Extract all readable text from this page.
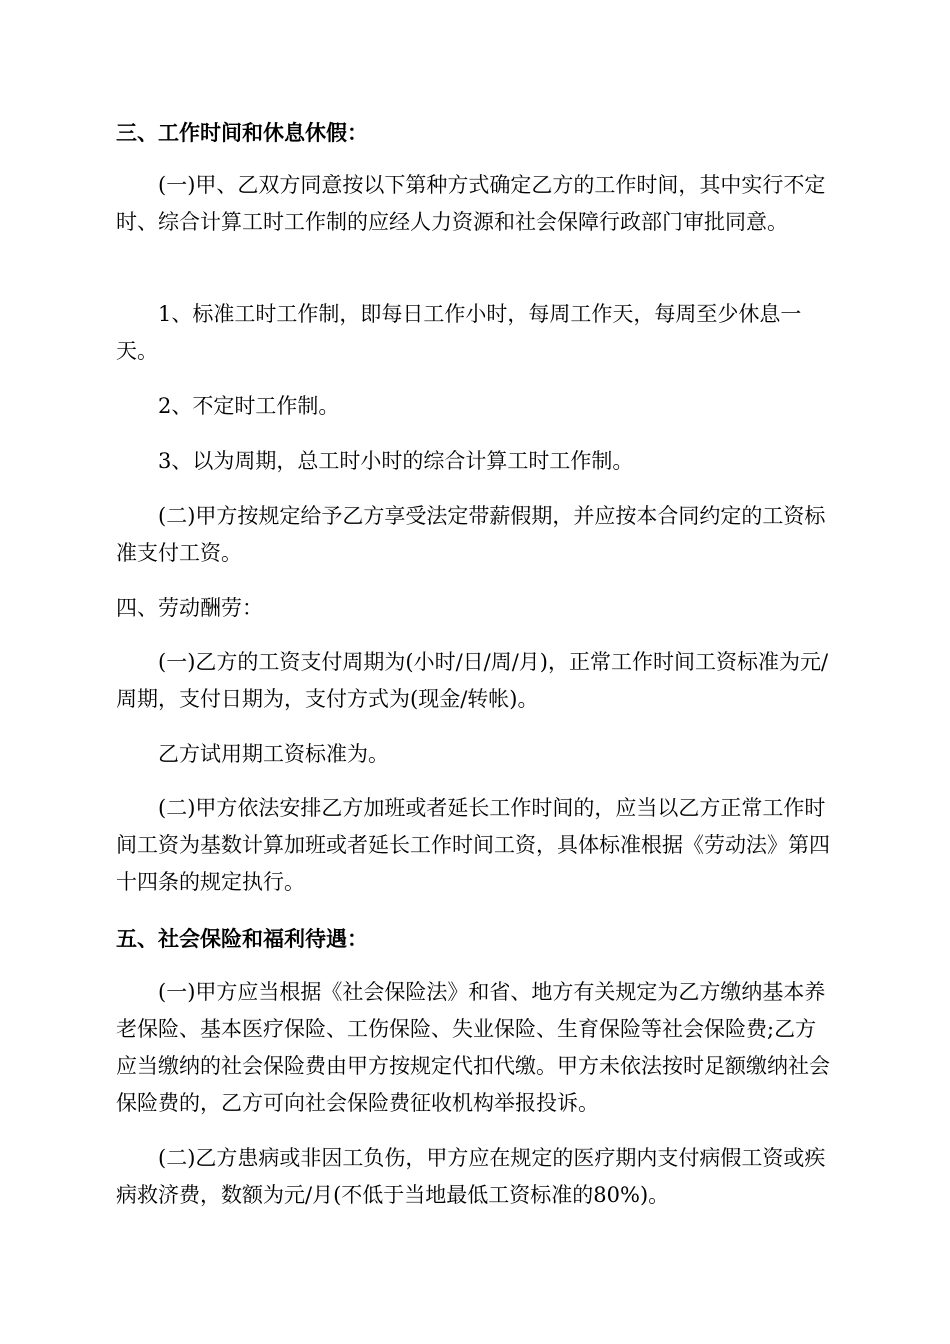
三、工作时间和休息休假：

(一)甲、乙双方同意按以下第种方式确定乙方的工作时间，其中实行不定时、综合计算工时工作制的应经人力资源和社会保障行政部门审批同意。

1、标准工时工作制，即每日工作小时，每周工作天，每周至少休息一天。

2、不定时工作制。

3、以为周期，总工时小时的综合计算工时工作制。

(二)甲方按规定给予乙方享受法定带薪假期，并应按本合同约定的工资标准支付工资。

四、劳动酬劳：

(一)乙方的工资支付周期为(小时/日/周/月)，正常工作时间工资标准为元/周期，支付日期为，支付方式为(现金/转帐)。

乙方试用期工资标准为。

(二)甲方依法安排乙方加班或者延长工作时间的，应当以乙方正常工作时间工资为基数计算加班或者延长工作时间工资，具体标准根据《劳动法》第四十四条的规定执行。

五、社会保险和福利待遇：

(一)甲方应当根据《社会保险法》和省、地方有关规定为乙方缴纳基本养老保险、基本医疗保险、工伤保险、失业保险、生育保险等社会保险费;乙方应当缴纳的社会保险费由甲方按规定代扣代缴。甲方未依法按时足额缴纳社会保险费的，乙方可向社会保险费征收机构举报投诉。

(二)乙方患病或非因工负伤，甲方应在规定的医疗期内支付病假工资或疾病救济费，数额为元/月(不低于当地最低工资标准的80%)。
